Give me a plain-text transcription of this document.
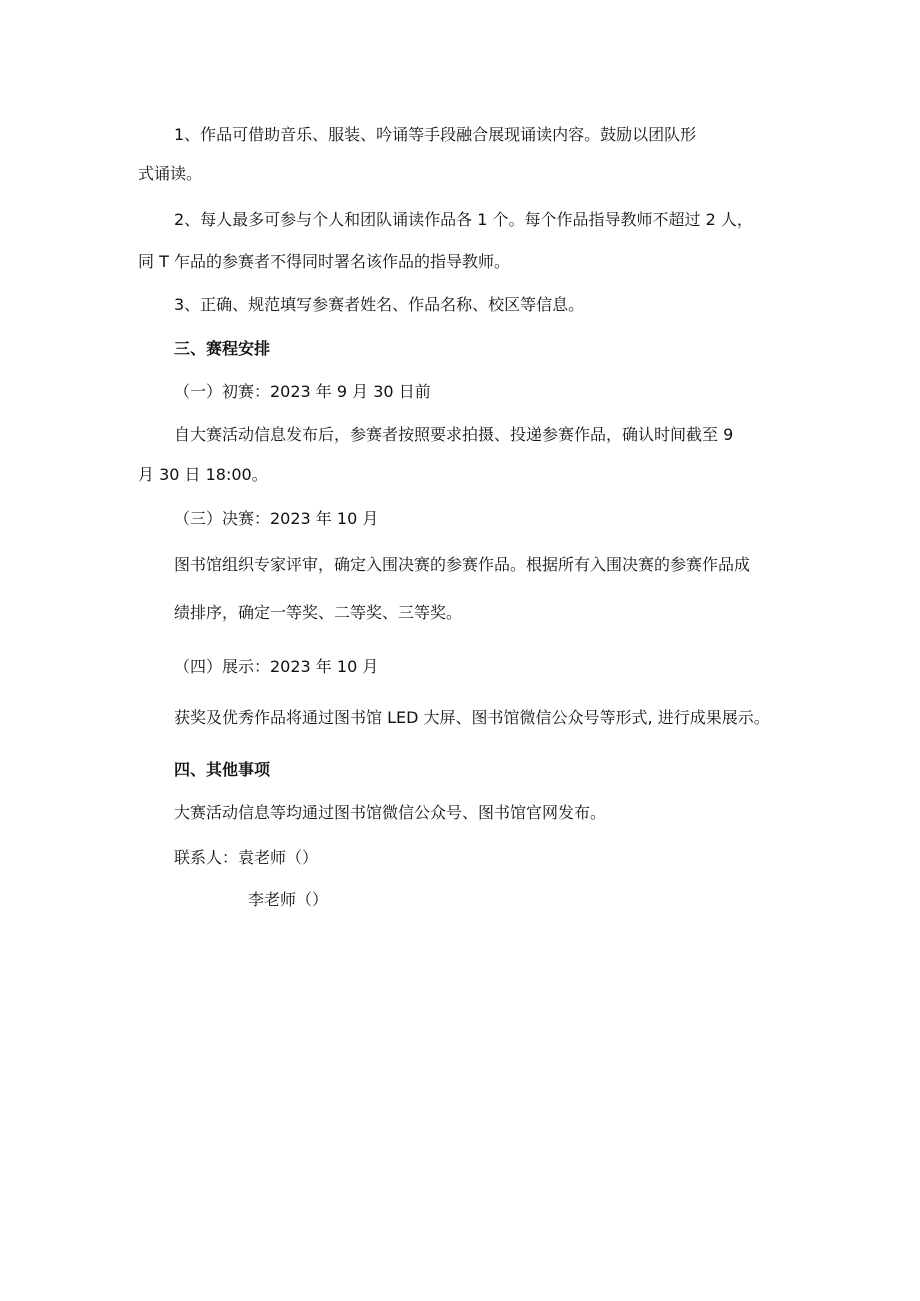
1、作品可借助音乐、服装、吟诵等手段融合展现诵读内容。鼓励以团队形
式诵读。
2、每人最多可参与个人和团队诵读作品各 1 个。每个作品指导教师不超过 2 人，
同 T 乍品的参赛者不得同时署名该作品的指导教师。
3、正确、规范填写参赛者姓名、作品名称、校区等信息。
三、赛程安排
（一）初赛：2023 年 9 月 30 日前
自大赛活动信息发布后，参赛者按照要求拍摄、投递参赛作品，确认时间截至 9
月 30 日 18:00。
（三）决赛：2023 年 10 月
图书馆组织专家评审，确定入围决赛的参赛作品。根据所有入围决赛的参赛作品成
绩排序，确定一等奖、二等奖、三等奖。
（四）展示：2023 年 10 月
获奖及优秀作品将通过图书馆 LED 大屏、图书馆微信公众号等形式, 进行成果展示。
四、其他事项
大赛活动信息等均通过图书馆微信公众号、图书馆官网发布。
联系人：袁老师（）
李老师（）
